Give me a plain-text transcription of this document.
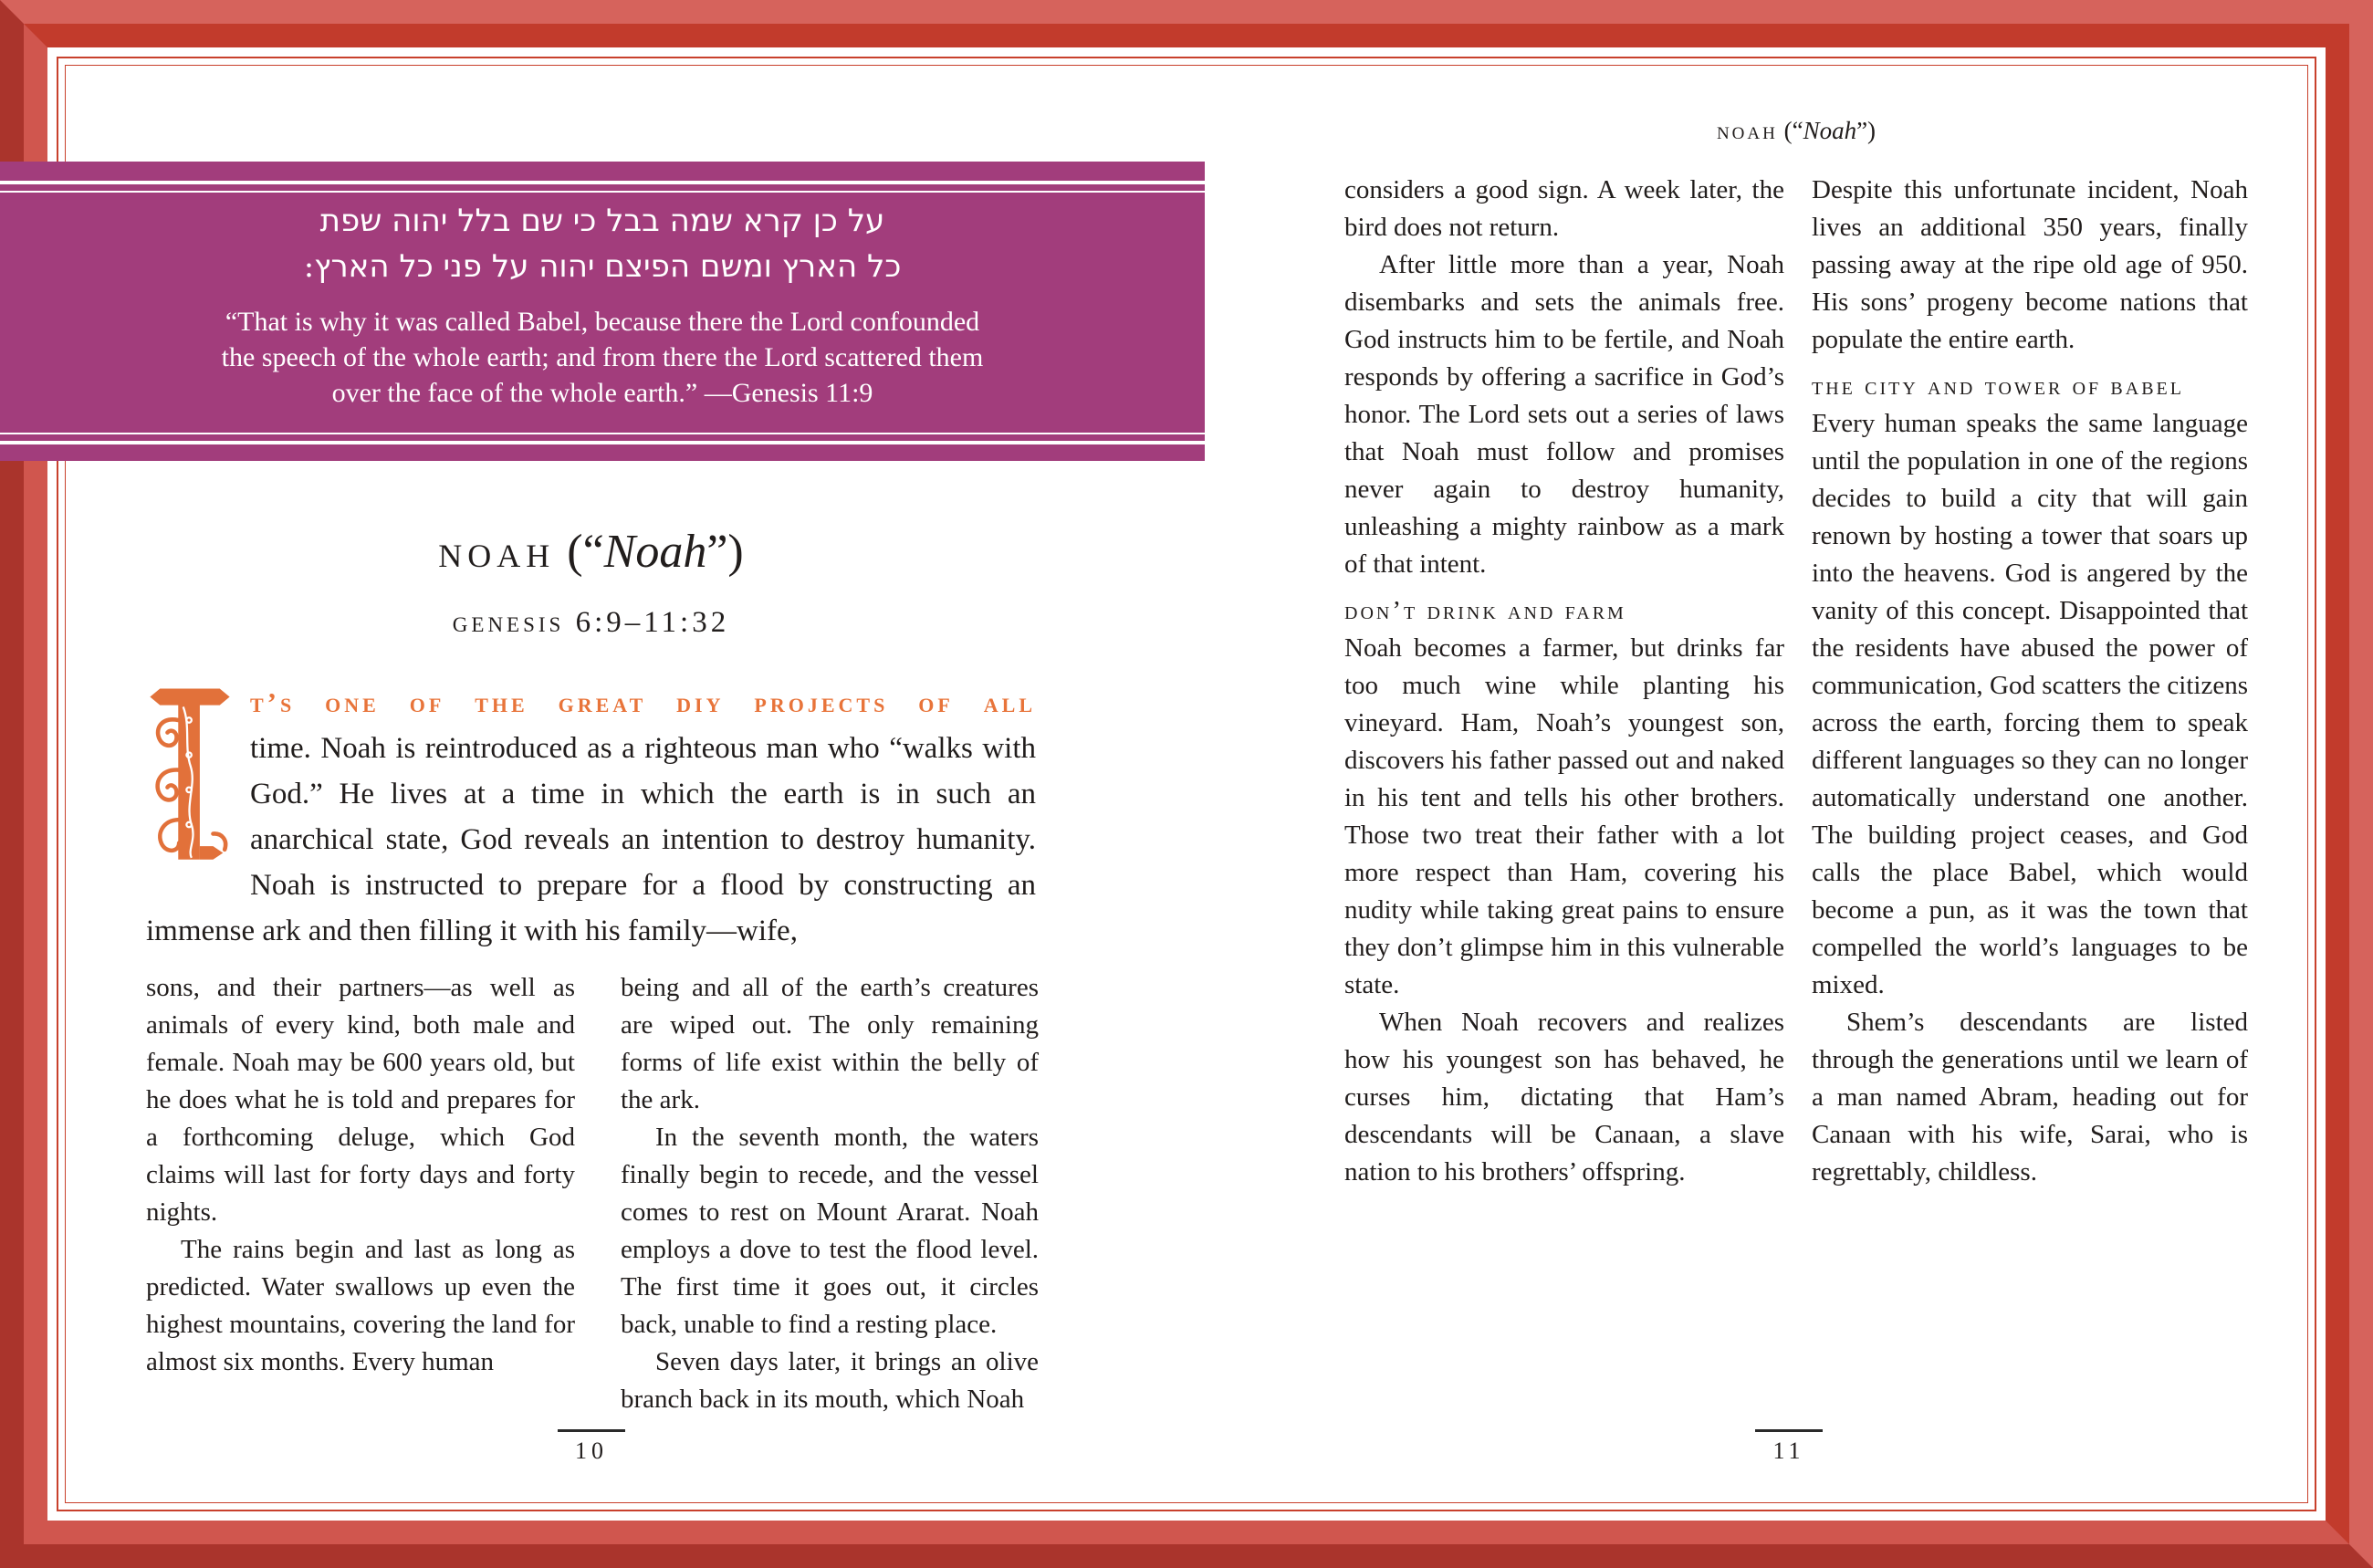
על כן קרא שמה בבל כי שם בלל יהוה שפת
כל הארץ ומשם הפיצם יהוה על פני כל הארץ:
“That is why it was called Babel, because there the Lord confounded
the speech of the whole earth; and from there the Lord scattered them
over the face of the whole earth.” —Genesis 11:9
noah (“Noah”)
genesis 6:9–11:32
t’s one of the great diy projects of all

time. Noah is reintroduced as a righteous man who “walks with God.” He lives at a time in which the earth is in such an anarchical state, God reveals an intention to destroy humanity. Noah is instructed to prepare for a flood by constructing an immense ark and then filling it with his family—wife,

sons, and their partners—as well as animals of every kind, both male and female. Noah may be 600 years old, but he does what he is told and prepares for a forthcoming deluge, which God claims will last for forty days and forty nights.

The rains begin and last as long as predicted. Water swallows up even the highest mountains, covering the land for almost six months. Every human

being and all of the earth’s creatures are wiped out. The only remaining forms of life exist within the belly of the ark.

In the seventh month, the waters finally begin to recede, and the vessel comes to rest on Mount Ararat. Noah employs a dove to test the flood level. The first time it goes out, it circles back, unable to find a resting place.

Seven days later, it brings an olive branch back in its mouth, which Noah

10
noah (“Noah”)

considers a good sign. A week later, the bird does not return.

After little more than a year, Noah disembarks and sets the animals free. God instructs him to be fertile, and Noah responds by offering a sacrifice in God’s honor. The Lord sets out a series of laws that Noah must follow and promises never again to destroy humanity, unleashing a mighty rainbow as a mark of that intent.

don’t drink and farm

Noah becomes a farmer, but drinks far too much wine while planting his vineyard. Ham, Noah’s youngest son, discovers his father passed out and naked in his tent and tells his other brothers. Those two treat their father with a lot more respect than Ham, covering his nudity while taking great pains to ensure they don’t glimpse him in this vulnerable state.

When Noah recovers and realizes how his youngest son has behaved, he curses him, dictating that Ham’s descendants will be Canaan, a slave nation to his brothers’ offspring.

Despite this unfortunate incident, Noah lives an additional 350 years, finally passing away at the ripe old age of 950. His sons’ progeny become nations that populate the entire earth.

the city and tower of babel

Every human speaks the same language until the population in one of the regions decides to build a city that will gain renown by hosting a tower that soars up into the heavens. God is angered by the vanity of this concept. Disappointed that the residents have abused the power of communication, God scatters the citizens across the earth, forcing them to speak different languages so they can no longer automatically understand one another. The building project ceases, and God calls the place Babel, which would become a pun, as it was the town that compelled the world’s languages to be mixed.

Shem’s descendants are listed through the generations until we learn of a man named Abram, heading out for Canaan with his wife, Sarai, who is regrettably, childless.

11
